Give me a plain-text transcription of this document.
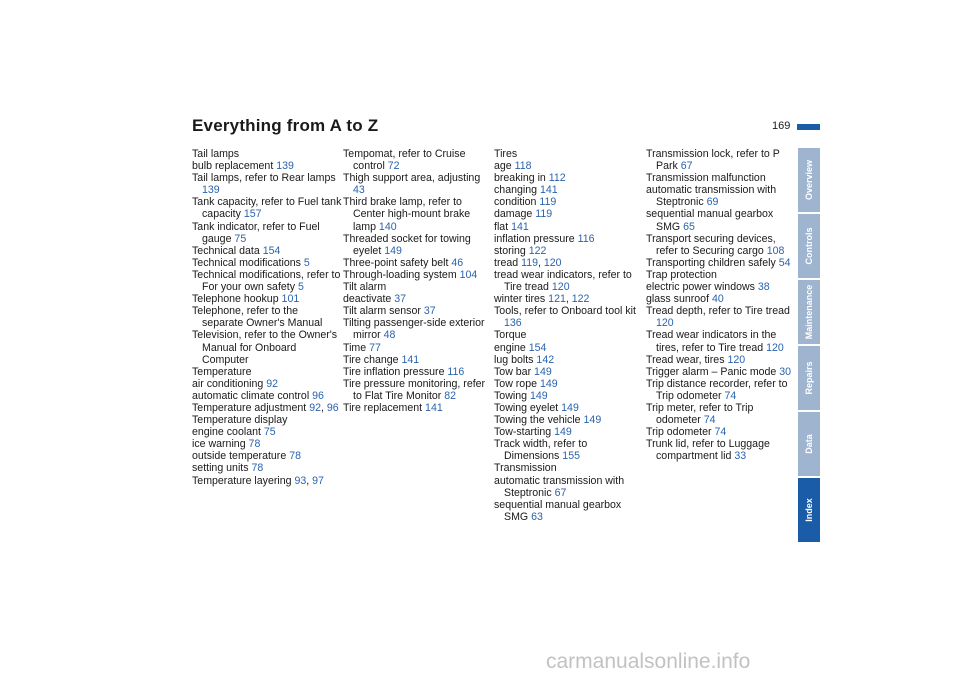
Everything from A to Z	169
Tail lamps
bulb replacement 139
Tail lamps, refer to Rear lamps 139
Tank capacity, refer to Fuel tank capacity 157
Tank indicator, refer to Fuel gauge 75
Technical data 154
Technical modifications 5
Technical modifications, refer to For your own safety 5
Telephone hookup 101
Telephone, refer to the separate Owner's Manual
Television, refer to the Owner's Manual for Onboard Computer
Temperature
air conditioning 92
automatic climate control 96
Temperature adjustment 92, 96
Temperature display
engine coolant 75
ice warning 78
outside temperature 78
setting units 78
Temperature layering 93, 97
Tempomat, refer to Cruise control 72
Thigh support area, adjusting 43
Third brake lamp, refer to Center high-mount brake lamp 140
Threaded socket for towing eyelet 149
Three-point safety belt 46
Through-loading system 104
Tilt alarm
deactivate 37
Tilt alarm sensor 37
Tilting passenger-side exterior mirror 48
Time 77
Tire change 141
Tire inflation pressure 116
Tire pressure monitoring, refer to Flat Tire Monitor 82
Tire replacement 141
Tires
age 118
breaking in 112
changing 141
condition 119
damage 119
flat 141
inflation pressure 116
storing 122
tread 119, 120
tread wear indicators, refer to Tire tread 120
winter tires 121, 122
Tools, refer to Onboard tool kit 136
Torque
engine 154
lug bolts 142
Tow bar 149
Tow rope 149
Towing 149
Towing eyelet 149
Towing the vehicle 149
Tow-starting 149
Track width, refer to Dimensions 155
Transmission
automatic transmission with Steptronic 67
sequential manual gearbox SMG 63
Transmission lock, refer to P Park 67
Transmission malfunction
automatic transmission with Steptronic 69
sequential manual gearbox SMG 65
Transport securing devices, refer to Securing cargo 108
Transporting children safely 54
Trap protection
electric power windows 38
glass sunroof 40
Tread depth, refer to Tire tread 120
Tread wear indicators in the tires, refer to Tire tread 120
Tread wear, tires 120
Trigger alarm – Panic mode 30
Trip distance recorder, refer to Trip odometer 74
Trip meter, refer to Trip odometer 74
Trip odometer 74
Trunk lid, refer to Luggage compartment lid 33
Overview
Controls
Maintenance
Repairs
Data
Index
carmanualsonline.info
